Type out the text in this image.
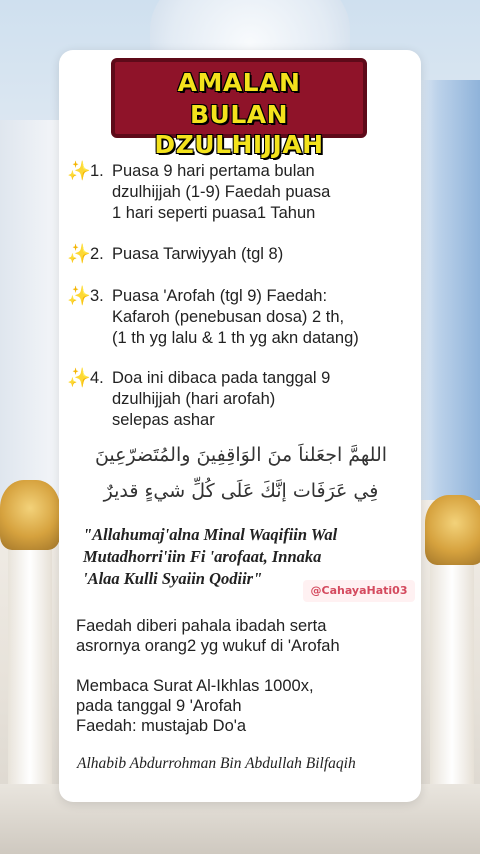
AMALAN
BULAN DZULHIJJAH
✨ 1. Puasa 9 hari pertama bulan
dzulhijjah (1-9) Faedah puasa
1 hari seperti puasa1 Tahun
✨ 2. Puasa Tarwiyyah (tgl 8)
✨ 3. Puasa 'Arofah (tgl 9) Faedah:
Kafaroh (penebusan dosa) 2 th,
(1 th yg lalu & 1 th yg akn datang)
✨ 4. Doa ini dibaca pada tanggal 9
dzulhijjah (hari arofah)
selepas ashar
اللهمَّ اجعَلناَ منَ الوَاقِفِينَ والمُتَضرّعِينَ
فِي عَرَفَات إنَّكَ عَلَى كُلِّ شيءٍ قديرٌ
"Allahumaj'alna Minal Waqifiin Wal
Mutadhorri'iin Fi 'arofaat, Innaka
'Alaa Kulli Syaiin Qodiir"
@CahayaHati03
Faedah diberi pahala ibadah serta
asrornya orang2 yg wukuf di 'Arofah
Membaca Surat Al-Ikhlas 1000x,
pada tanggal 9 'Arofah
Faedah: mustajab Do'a
Alhabib Abdurrohman Bin Abdullah Bilfaqih
